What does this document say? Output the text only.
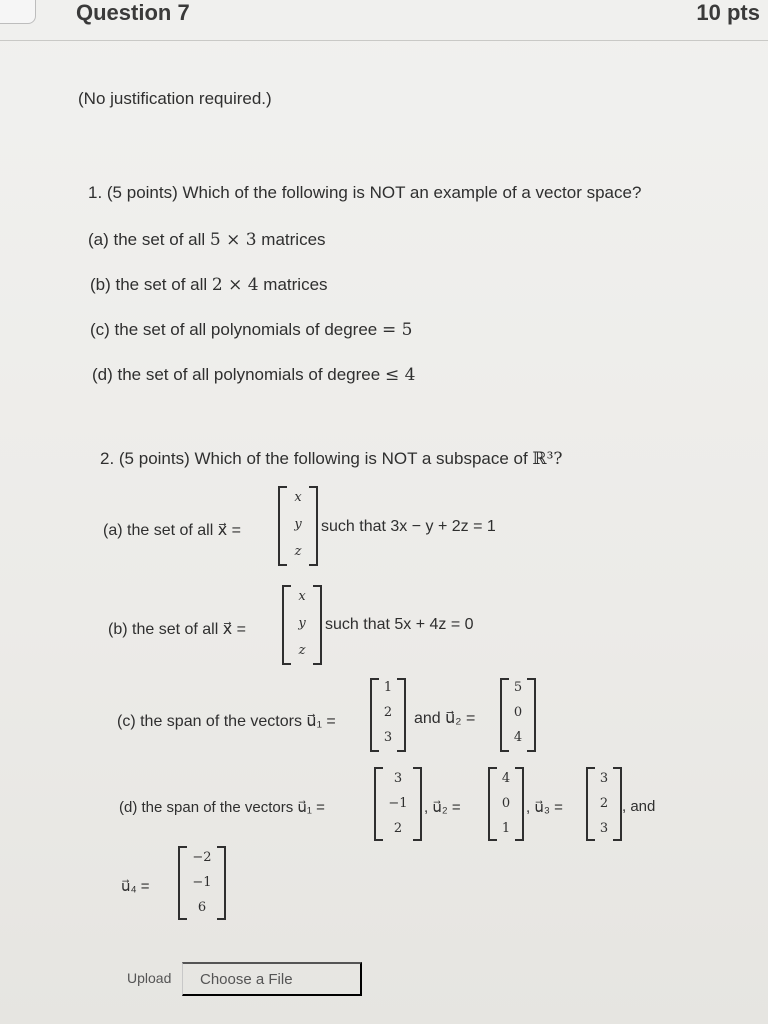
Question 7	10 pts
(No justification required.)
1. (5 points) Which of the following is NOT an example of a vector space?
(a) the set of all 5 × 3 matrices
(b) the set of all 2 × 4 matrices
(c) the set of all polynomials of degree = 5
(d) the set of all polynomials of degree ≤ 4
2. (5 points) Which of the following is NOT a subspace of ℝ³?
(a) the set of all x⃗ =
x
y
z
such that 3x − y + 2z = 1
(b) the set of all x⃗ =
x
y
z
such that 5x + 4z = 0
(c) the span of the vectors u⃗₁ =
1
2
3
and u⃗₂ =
5
0
4
(d) the span of the vectors u⃗₁ =
3
−1
2
, u⃗₂ =
4
0
1
, u⃗₃ =
3
2
3
, and
u⃗₄ =
−2
−1
6
Upload	Choose a File
